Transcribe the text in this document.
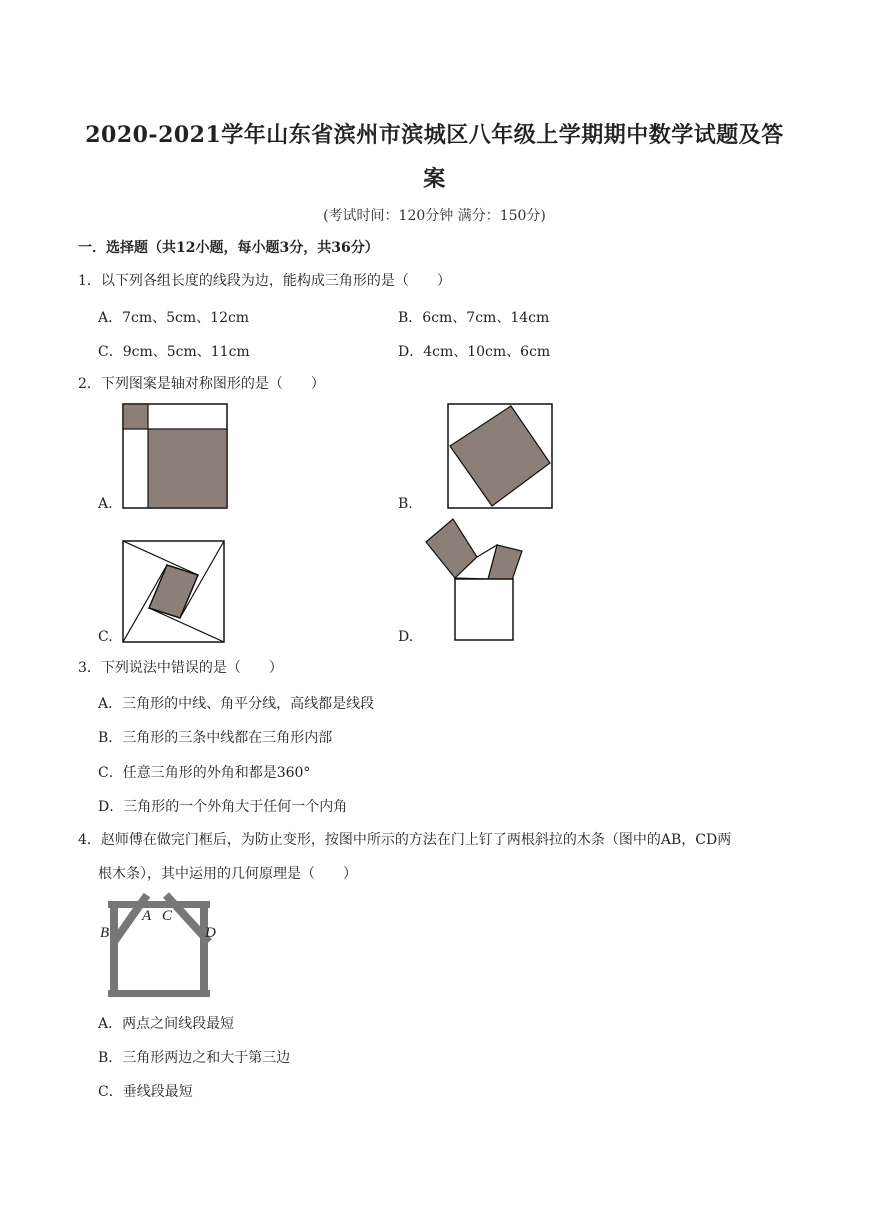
2020-2021学年山东省滨州市滨城区八年级上学期期中数学试题及答
案
(考试时间：120分钟 满分：150分)
一．选择题（共12小题，每小题3分，共36分）
1．以下列各组长度的线段为边，能构成三角形的是（　　）
A．7cm、5cm、12cm	B．6cm、7cm、14cm
C．9cm、5cm、11cm	D．4cm、10cm、6cm
2．下列图案是轴对称图形的是（　　）
A.	B.
C.	D.
3．下列说法中错误的是（　　）
A．三角形的中线、角平分线，高线都是线段
B．三角形的三条中线都在三角形内部
C．任意三角形的外角和都是360°
D．三角形的一个外角大于任何一个内角
4．赵师傅在做完门框后，为防止变形，按图中所示的方法在门上钉了两根斜拉的木条（图中的AB，CD两
根木条），其中运用的几何原理是（　　）
B
A C
D
A．两点之间线段最短
B．三角形两边之和大于第三边
C．垂线段最短
